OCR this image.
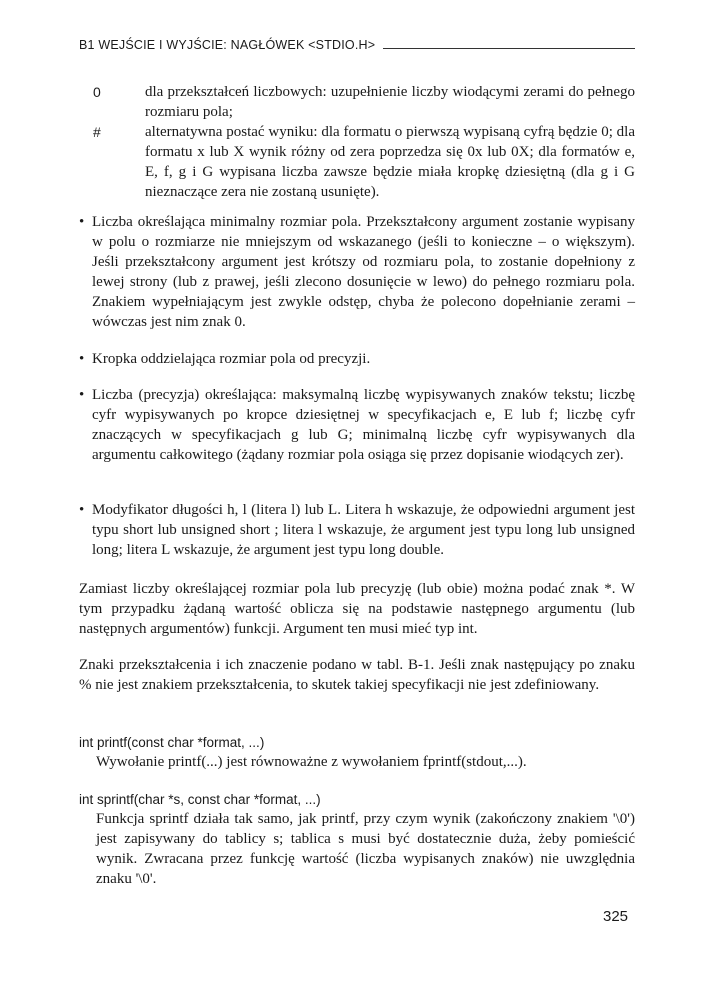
B1 WEJŚCIE I WYJŚCIE: NAGŁÓWEK <STDIO.H>
0	dla przekształceń liczbowych: uzupełnienie liczby wiodącymi zerami do pełnego rozmiaru pola;
#	alternatywna postać wyniku: dla formatu o pierwszą wypisaną cyfrą będzie 0; dla formatu x lub X wynik różny od zera poprzedza się 0x lub 0X; dla formatów e, E, f, g i G wypisana liczba zawsze będzie miała kropkę dziesiętną (dla g i G nieznaczące zera nie zostaną usunięte).
• Liczba określająca minimalny rozmiar pola. Przekształcony argument zostanie wypisany w polu o rozmiarze nie mniejszym od wskazanego (jeśli to konieczne – o większym). Jeśli przekształcony argument jest krótszy od rozmiaru pola, to zostanie dopełniony z lewej strony (lub z prawej, jeśli zlecono dosunięcie w lewo) do pełnego rozmiaru pola. Znakiem wypełniającym jest zwykle odstęp, chyba że polecono dopełnianie zerami – wówczas jest nim znak 0.
• Kropka oddzielająca rozmiar pola od precyzji.
• Liczba (precyzja) określająca: maksymalną liczbę wypisywanych znaków tekstu; liczbę cyfr wypisywanych po kropce dziesiętnej w specyfikacjach e, E lub f; liczbę cyfr znaczących w specyfikacjach g lub G; minimalną liczbę cyfr wypisywanych dla argumentu całkowitego (żądany rozmiar pola osiąga się przez dopisanie wiodących zer).
• Modyfikator długości h, l (litera l) lub L. Litera h wskazuje, że odpowiedni argument jest typu short lub unsigned short ; litera l wskazuje, że argument jest typu long lub unsigned long; litera L wskazuje, że argument jest typu long double.

Zamiast liczby określającej rozmiar pola lub precyzję (lub obie) można podać znak *. W tym przypadku żądaną wartość oblicza się na podstawie następnego argumentu (lub następnych argumentów) funkcji. Argument ten musi mieć typ int.

Znaki przekształcenia i ich znaczenie podano w tabl. B-1. Jeśli znak następujący po znaku % nie jest znakiem przekształcenia, to skutek takiej specyfikacji nie jest zdefiniowany.

int printf(const char *format, ...)
Wywołanie printf(...) jest równoważne z wywołaniem fprintf(stdout,...).
int sprintf(char *s, const char *format, ...)
Funkcja sprintf działa tak samo, jak printf, przy czym wynik (zakończony znakiem '\0') jest zapisywany do tablicy s; tablica s musi być dostatecznie duża, żeby pomieścić wynik. Zwracana przez funkcję wartość (liczba wypisanych znaków) nie uwzględnia znaku '\0'.
325
